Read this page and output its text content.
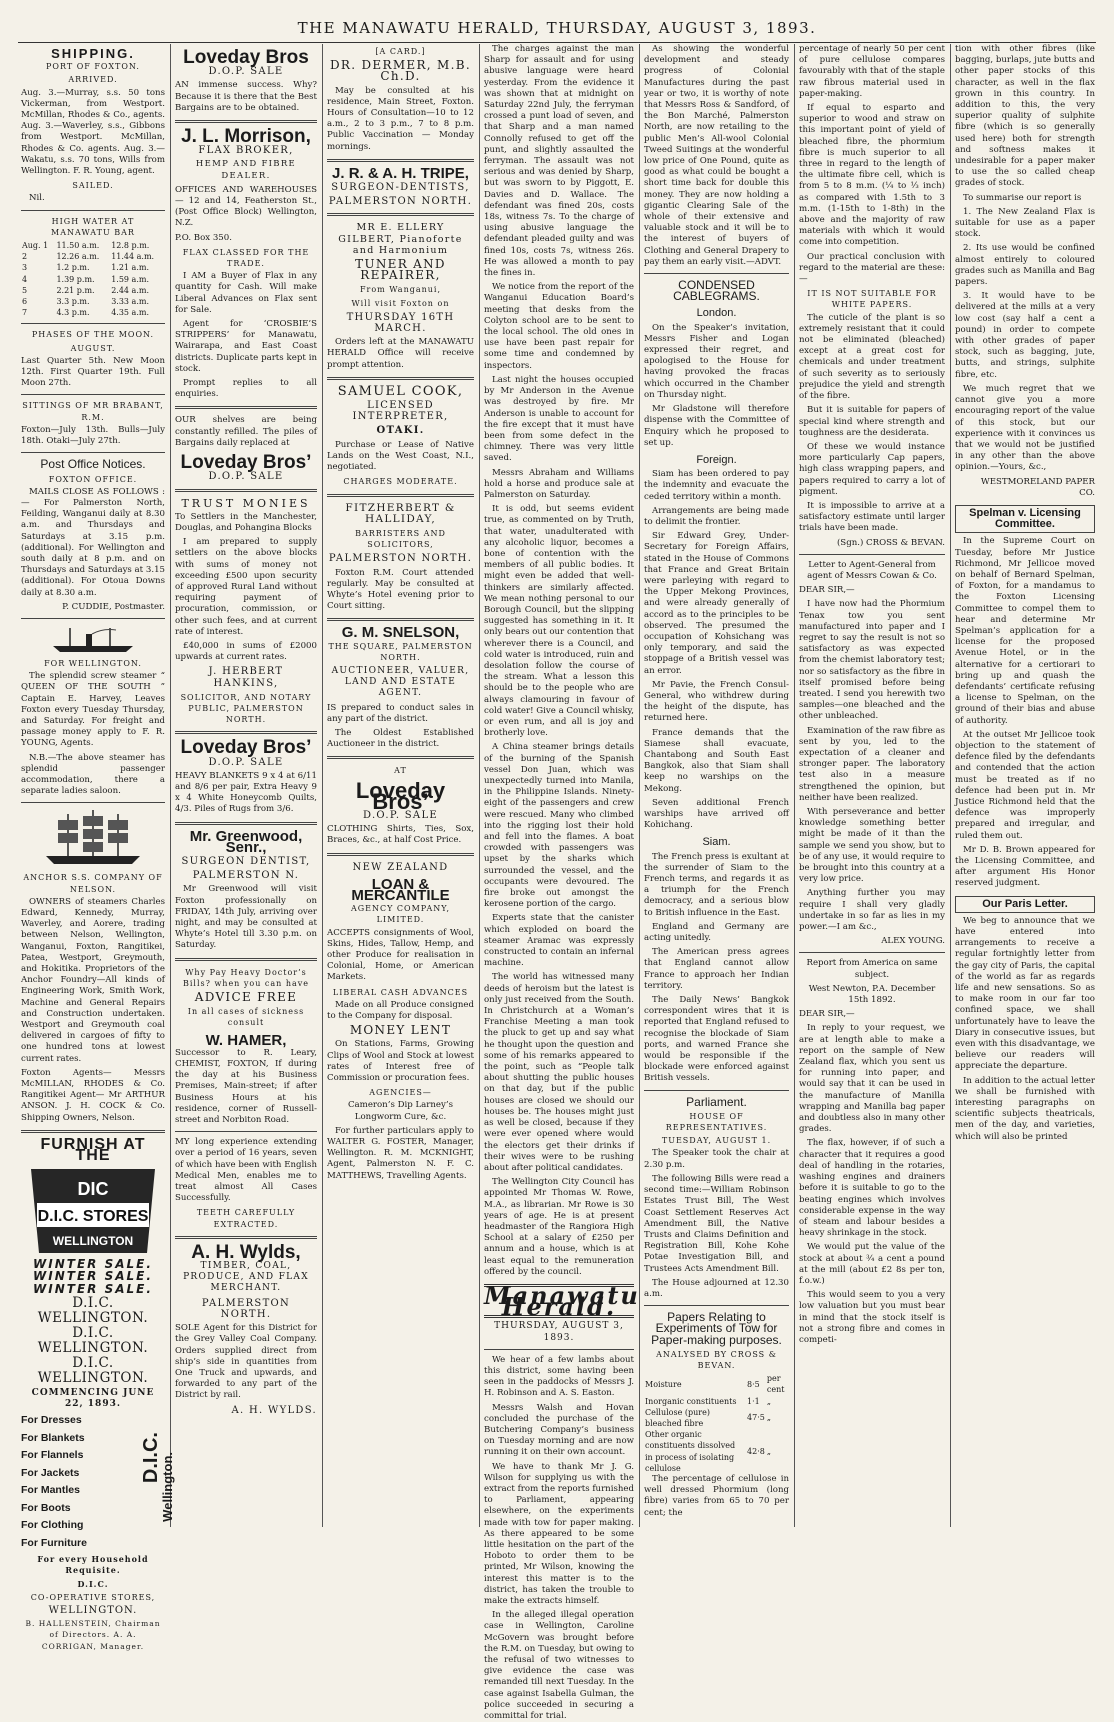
THE MANAWATU HERALD, THURSDAY, AUGUST 3, 1893.
SHIPPING.
PORT OF FOXTON.
ARRIVED.

Aug. 3.—Murray, s.s. 50 tons Vickerman, from Westport. McMillan, Rhodes & Co., agents. Aug. 3.—Waverley, s.s., Gibbons from Westport. McMillan, Rhodes & Co. agents. Aug. 3.—Wakatu, s.s. 70 tons, Wills from Wellington. F. R. Young, agent.

SAILED.

Nil.

HIGH WATER AT MANAWATU BAR
Aug. 1	11.50 a.m.	12.8 p.m.
2	12.26 a.m.	11.44 a.m.
3	1.2 p.m.	1.21 a.m.
4	1.39 p.m.	1.59 a.m.
5	2.21 p.m.	2.44 a.m.
6	3.3 p.m.	3.33 a.m.
7	4.3 p.m.	4.35 a.m.
PHASES OF THE MOON.
AUGUST.

Last Quarter 5th. New Moon 12th. First Quarter 19th. Full Moon 27th.

SITTINGS OF MR BRABANT, R.M.

Foxton—July 13th. Bulls—July 18th. Otaki—July 27th.

Post Office Notices.
FOXTON OFFICE.

MAILS CLOSE AS FOLLOWS :— For Palmerston North, Feilding, Wanganui daily at 8.30 a.m. and Thursdays and Saturdays at 3.15 p.m. (additional). For Wellington and south daily at 8 p.m. and on Thursdays and Saturdays at 3.15 (additional). For Otoua Downs daily at 8.30 a.m.

P. CUDDIE, Postmaster.

FOR WELLINGTON.

The splendid screw steamer “ QUEEN OF THE SOUTH ” Captain E. Harvey, Leaves Foxton every Tuesday Thursday, and Saturday. For freight and passage money apply to F. R. YOUNG, Agents.

N.B.—The above steamer has splendid passenger accommodation, there a separate ladies saloon.

ANCHOR S.S. COMPANY OF NELSON.

OWNERS of steamers Charles Edward, Kennedy, Murray, Waverley, and Aorere, trading between Nelson, Wellington, Wanganui, Foxton, Rangitikei, Patea, Westport, Greymouth, and Hokitika. Proprietors of the Anchor Foundry—All kinds of Engineering Work, Smith Work, Machine and General Repairs and Construction undertaken. Westport and Greymouth coal delivered in cargoes of fifty to one hundred tons at lowest current rates.

Foxton Agents— Messrs McMILLAN, RHODES & Co. Rangitikei Agent— Mr ARTHUR ANSON. J. H. COCK & Co. Shipping Owners, Nelson.

FURNISH AT THE
DIC
D.I.C. STORES
WELLINGTON
WINTER SALE.
WINTER SALE.
WINTER SALE.
D.I.C. WELLINGTON.
D.I.C. WELLINGTON.
D.I.C. WELLINGTON.
COMMENCING JUNE 22, 1893.
For Dresses
For Blankets
For Flannels
For Jackets
For Mantles
For Boots
For Clothing
For Furniture
D.I.C.
Wellington.
For every Household Requisite.
D.I.C.
CO-OPERATIVE STORES,
WELLINGTON.
B. HALLENSTEIN, Chairman of Directors. A. A. CORRIGAN, Manager.
Loveday Bros
D.O.P. SALE

AN immense success. Why? Because it is there that the Best Bargains are to be obtained.

J. L. Morrison,
FLAX BROKER,
HEMP AND FIBRE DEALER.

OFFICES AND WAREHOUSES— 12 and 14, Featherston St., (Post Office Block) Wellington, N.Z.

P.O. Box 350.

FLAX CLASSED FOR THE TRADE.

I AM a Buyer of Flax in any quantity for Cash. Will make Liberal Advances on Flax sent for Sale.

Agent for ‘CROSBIE’S STRIPPERS’ for Manawatu, Wairarapa, and East Coast districts. Duplicate parts kept in stock.

Prompt replies to all enquiries.

OUR shelves are being constantly refilled. The piles of Bargains daily replaced at

Loveday Bros’
D.O.P. SALE
TRUST MONIES

To Settlers in the Manchester, Douglas, and Pohangina Blocks

I am prepared to supply settlers on the above blocks with sums of money not exceeding £500 upon security of approved Rural Land without requiring payment of procuration, commission, or other such fees, and at current rate of interest.

£40,000 in sums of £2000 upwards at current rates.

J. HERBERT HANKINS,
SOLICITOR, AND NOTARY PUBLIC, PALMERSTON NORTH.
Loveday Bros’
D.O.P. SALE

HEAVY BLANKETS 9 x 4 at 6/11 and 8/6 per pair, Extra Heavy 9 x 4 White Honeycomb Quilts, 4/3. Piles of Rugs from 3/6.

Mr. Greenwood, Senr.,
SURGEON DENTIST,
PALMERSTON N.

Mr Greenwood will visit Foxton professionally on FRIDAY, 14th July, arriving over night, and may be consulted at Whyte’s Hotel till 3.30 p.m. on Saturday.

Why Pay Heavy Doctor’s Bills? when you can have
ADVICE FREE
In all cases of sickness consult
W. HAMER,

Successor to R. Leary, CHEMIST, FOXTON, If during the day at his Business Premises, Main-street; if after Business Hours at his residence, corner of Russell-street and Norbiton Road.

MY long experience extending over a period of 16 years, seven of which have been with English Medical Men, enables me to treat almost All Cases Successfully.

TEETH CAREFULLY EXTRACTED.
A. H. Wylds,
TIMBER, COAL, PRODUCE, AND FLAX MERCHANT.
PALMERSTON NORTH.

SOLE Agent for this District for the Grey Valley Coal Company. Orders supplied direct from ship’s side in quantities from One Truck and upwards, and forwarded to any part of the District by rail.

A. H. WYLDS.
[A CARD.]
DR. DERMER, M.B. Ch.D.

May be consulted at his residence, Main Street, Foxton. Hours of Consultation—10 to 12 a.m., 2 to 3 p.m., 7 to 8 p.m. Public Vaccination — Monday mornings.

J. R. & A. H. TRIPE,
SURGEON-DENTISTS,
PALMERSTON NORTH.
MR E. ELLERY GILBERT, Pianoforte and Harmonium
TUNER AND REPAIRER,
From Wanganui,
Will visit Foxton on
THURSDAY 16TH MARCH.

Orders left at the MANAWATU HERALD Office will receive prompt attention.

SAMUEL COOK,
LICENSED INTERPRETER,
OTAKI.

Purchase or Lease of Native Lands on the West Coast, N.I., negotiated.

CHARGES MODERATE.
FITZHERBERT & HALLIDAY,
BARRISTERS AND SOLICITORS,
PALMERSTON NORTH.

Foxton R.M. Court attended regularly. May be consulted at Whyte’s Hotel evening prior to Court sitting.

G. M. SNELSON,
THE SQUARE, PALMERSTON NORTH.
AUCTIONEER, VALUER, LAND AND ESTATE AGENT.

IS prepared to conduct sales in any part of the district.

The Oldest Established Auctioneer in the district.

AT
Loveday Bros’
D.O.P. SALE

CLOTHING Shirts, Ties, Sox, Braces, &c., at half Cost Price.

NEW ZEALAND
LOAN & MERCANTILE
AGENCY COMPANY, LIMITED.

ACCEPTS consignments of Wool, Skins, Hides, Tallow, Hemp, and other Produce for realisation in Colonial, Home, or American Markets.

LIBERAL CASH ADVANCES

Made on all Produce consigned to the Company for disposal.

MONEY LENT

On Stations, Farms, Growing Clips of Wool and Stock at lowest rates of Interest free of Commission or procuration fees.

AGENCIES—

Cameron’s Dip Larney’s Longworm Cure, &c.

For further particulars apply to WALTER G. FOSTER, Manager, Wellington. R. M. MCKNIGHT, Agent, Palmerston N. F. C. MATTHEWS, Travelling Agents.

The charges against the man Sharp for assault and for using abusive language were heard yesterday. From the evidence it was shown that at midnight on Saturday 22nd July, the ferryman crossed a punt load of seven, and that Sharp and a man named Connolly refused to get off the punt, and slightly assaulted the ferryman. The assault was not serious and was denied by Sharp, but was sworn to by Piggott, E. Davies and D. Wallace. The defendant was fined 20s, costs 18s, witness 7s. To the charge of using abusive language the defendant pleaded guilty and was fined 10s, costs 7s, witness 26s. He was allowed a month to pay the fines in.

We notice from the report of the Wanganui Education Board’s meeting that desks from the Colyton school are to be sent to the local school. The old ones in use have been past repair for some time and condemned by inspectors.

Last night the houses occupied by Mr Anderson in the Avenue was destroyed by fire. Mr Anderson is unable to account for the fire except that it must have been from some defect in the chimney. There was very little saved.

Messrs Abraham and Williams hold a horse and produce sale at Palmerston on Saturday.

It is odd, but seems evident true, as commented on by Truth, that water, unadulterated with any alcoholic liquor, becomes a bone of contention with the members of all public bodies. It might even be added that well-thinkers are similarly affected. We mean nothing personal to our Borough Council, but the slipping suggested has something in it. It only bears out our contention that wherever there is a Council, and cold water is introduced, ruin and desolation follow the course of the stream. What a lesson this should be to the people who are always clamouring in favour of cold water! Give a Council whisky, or even rum, and all is joy and brotherly love.

A China steamer brings details of the burning of the Spanish vessel Don Juan, which was unexpectedly turned into Manila, in the Philippine Islands. Ninety-eight of the passengers and crew were rescued. Many who climbed into the rigging lost their hold and fell into the flames. A boat crowded with passengers was upset by the sharks which surrounded the vessel, and the occupants were devoured. The fire broke out amongst the kerosene portion of the cargo.

Experts state that the canister which exploded on board the steamer Aramac was expressly constructed to contain an infernal machine.

The world has witnessed many deeds of heroism but the latest is only just received from the South. In Christchurch at a Woman’s Franchise Meeting a man took the pluck to get up and say what he thought upon the question and some of his remarks appeared to the point, such as “People talk about shutting the public houses on that day, but if the public houses are closed we should our houses be. The houses might just as well be closed, because if they were ever opened where would the electors get their drinks if their wives were to be rushing about after political candidates.

The Wellington City Council has appointed Mr Thomas W. Rowe, M.A., as librarian. Mr Rowe is 30 years of age. He is at present headmaster of the Rangiora High School at a salary of £250 per annum and a house, which is at least equal to the remuneration offered by the council.

Manawatu Herald.
THURSDAY, AUGUST 3, 1893.

We hear of a few lambs about this district, some having been seen in the paddocks of Messrs J. H. Robinson and A. S. Easton.

Messrs Walsh and Hovan concluded the purchase of the Butchering Company’s business on Tuesday morning and are now running it on their own account.

We have to thank Mr J. G. Wilson for supplying us with the extract from the reports furnished to Parliament, appearing elsewhere, on the experiments made with tow for paper making. As there appeared to be some little hesitation on the part of the Hoboto to order them to be printed, Mr Wilson, knowing the interest this matter is to the district, has taken the trouble to make the extracts himself.

In the alleged illegal operation case in Wellington, Caroline McGovern was brought before the R.M. on Tuesday, but owing to the refusal of two witnesses to give evidence the case was remanded till next Tuesday. In the case against Isabella Gulman, the police succeeded in securing a committal for trial.

As showing the wonderful development and steady progress of Colonial Manufactures during the past year or two, it is worthy of note that Messrs Ross & Sandford, of the Bon Marché, Palmerston North, are now retailing to the public Men’s All-wool Colonial Tweed Suitings at the wonderful low price of One Pound, quite as good as what could be bought a short time back for double this money. They are now holding a gigantic Clearing Sale of the whole of their extensive and valuable stock and it will be to the interest of buyers of Clothing and General Drapery to pay them an early visit.—ADVT.

CONDENSED CABLEGRAMS.
London.

On the Speaker’s invitation, Messrs Fisher and Logan expressed their regret, and apologised to the House for having provoked the fracas which occurred in the Chamber on Thursday night.

Mr Gladstone will therefore dispense with the Committee of Enquiry which he proposed to set up.

Foreign.

Siam has been ordered to pay the indemnity and evacuate the ceded territory within a month.

Arrangements are being made to delimit the frontier.

Sir Edward Grey, Under-Secretary for Foreign Affairs, stated in the House of Commons that France and Great Britain were parleying with regard to the Upper Mekong Provinces, and were already generally of accord as to the principles to be observed. The presumed the occupation of Kohsichang was only temporary, and said the stoppage of a British vessel was an error.

Mr Pavie, the French Consul-General, who withdrew during the height of the dispute, has returned here.

France demands that the Siamese shall evacuate, Chantabong and South East Bangkok, also that Siam shall keep no warships on the Mekong.

Seven additional French warships have arrived off Kohichang.

Siam.

The French press is exultant at the surrender of Siam to the French terms, and regards it as a triumph for the French democracy, and a serious blow to British influence in the East.

England and Germany are acting unitedly.

The American press agrees that England cannot allow France to approach her Indian territory.

The Daily News’ Bangkok correspondent wires that it is reported that England refused to recognise the blockade of Siam ports, and warned France she would be responsible if the blockade were enforced against British vessels.

Parliament.
HOUSE OF REPRESENTATIVES.
TUESDAY, AUGUST 1.

The Speaker took the chair at 2.30 p.m.

The following Bills were read a second time:—William Robinson Estates Trust Bill, The West Coast Settlement Reserves Act Amendment Bill, the Native Trusts and Claims Definition and Registration Bill, Kohe Kohe Potae Investigation Bill, and Trustees Acts Amendment Bill.

The House adjourned at 12.30 a.m.

Papers Relating to Experiments of Tow for Paper-making purposes.
ANALYSED BY CROSS & BEVAN.
Moisture	8·5	per cent
Inorganic constituents	1·1	„
Cellulose (pure) bleached fibre	47·5	„
Other organic constituents dissolved in process of isolating cellulose	42·8	„

The percentage of cellulose in well dressed Phormium (long fibre) varies from 65 to 70 per cent; the

percentage of nearly 50 per cent of pure cellulose compares favourably with that of the staple raw fibrous material used in paper-making.

If equal to esparto and superior to wood and straw on this important point of yield of bleached fibre, the phormium fibre is much superior to all three in regard to the length of the ultimate fibre cell, which is from 5 to 8 m.m. (¼ to ⅓ inch) as compared with 1.5th to 3 m.m. (1-15th to 1-8th) in the above and the majority of raw materials with which it would come into competition.

Our practical conclusion with regard to the material are these:—

IT IS NOT SUITABLE FOR WHITE PAPERS.

The cuticle of the plant is so extremely resistant that it could not be eliminated (bleached) except at a great cost for chemicals and under treatment of such severity as to seriously prejudice the yield and strength of the fibre.

But it is suitable for papers of special kind where strength and toughness are the desiderata.

Of these we would instance more particularly Cap papers, high class wrapping papers, and papers required to carry a lot of pigment.

It is impossible to arrive at a satisfactory estimate until larger trials have been made.

(Sgn.) CROSS & BEVAN.

Letter to Agent-General from agent of Messrs Cowan & Co.

DEAR SIR,—

I have now had the Phormium Tenax tow you sent manufactured into paper and I regret to say the result is not so satisfactory as was expected from the chemist laboratory test; nor so satisfactory as the fibre in itself promised before being treated. I send you herewith two samples—one bleached and the other unbleached.

Examination of the raw fibre as sent by you, led to the expectation of a cleaner and stronger paper. The laboratory test also in a measure strengthened the opinion, but neither have been realized.

With perseverance and better knowledge something better might be made of it than the sample we send you show, but to be of any use, it would require to be brought into this country at a very low price.

Anything further you may require I shall very gladly undertake in so far as lies in my power.—I am &c.,

ALEX YOUNG.

Report from America on same subject.

West Newton, P.A. December 15th 1892.

DEAR SIR,—

In reply to your request, we are at length able to make a report on the sample of New Zealand flax, which you sent us for running into paper, and would say that it can be used in the manufacture of Manilla wrapping and Manilla bag paper and doubtless also in many other grades.

The flax, however, if of such a character that it requires a good deal of handling in the rotaries, washing engines and drainers before it is suitable to go to the beating engines which involves considerable expense in the way of steam and labour besides a heavy shrinkage in the stock.

We would put the value of the stock at about ¾ a cent a pound at the mill (about £2 8s per ton, f.o.w.)

This would seem to you a very low valuation but you must bear in mind that the stock itself is not a strong fibre and comes in competi-

tion with other fibres (like bagging, burlaps, jute butts and other paper stocks of this character, as well in the flax grown in this country. In addition to this, the very superior quality of sulphite fibre (which is so generally used here) both for strength and softness makes it undesirable for a paper maker to use the so called cheap grades of stock.

To summarise our report is

1. The New Zealand Flax is suitable for use as a paper stock.

2. Its use would be confined almost entirely to coloured grades such as Manilla and Bag papers.

3. It would have to be delivered at the mills at a very low cost (say half a cent a pound) in order to compete with other grades of paper stock, such as bagging, jute, butts, and strings, sulphite fibre, etc.

We much regret that we cannot give you a more encouraging report of the value of this stock, but our experience with it convinces us that we would not be justified in any other than the above opinion.—Yours, &c.,

WESTMORELAND PAPER CO.

Spelman v. Licensing Committee.

In the Supreme Court on Tuesday, before Mr Justice Richmond, Mr Jellicoe moved on behalf of Bernard Spelman, of Foxton, for a mandamus to the Foxton Licensing Committee to compel them to hear and determine Mr Spelman’s application for a license for the proposed Avenue Hotel, or in the alternative for a certiorari to bring up and quash the defendants’ certificate refusing a license to Spelman, on the ground of their bias and abuse of authority.

At the outset Mr Jellicoe took objection to the statement of defence filed by the defendants and contended that the action must be treated as if no defence had been put in. Mr Justice Richmond held that the defence was improperly prepared and irregular, and ruled them out.

Mr D. B. Brown appeared for the Licensing Committee, and after argument His Honor reserved judgment.

Our Paris Letter.

We beg to announce that we have entered into arrangements to receive a regular fortnightly letter from the gay city of Paris, the capital of the world as far as regards life and new sensations. So as to make room in our far too confined space, we shall unfortunately have to leave the Diary in consecutive issues, but even with this disadvantage, we believe our readers will appreciate the departure.

In addition to the actual letter we shall be furnished with interesting paragraphs on scientific subjects theatricals, men of the day, and varieties, which will also be printed
